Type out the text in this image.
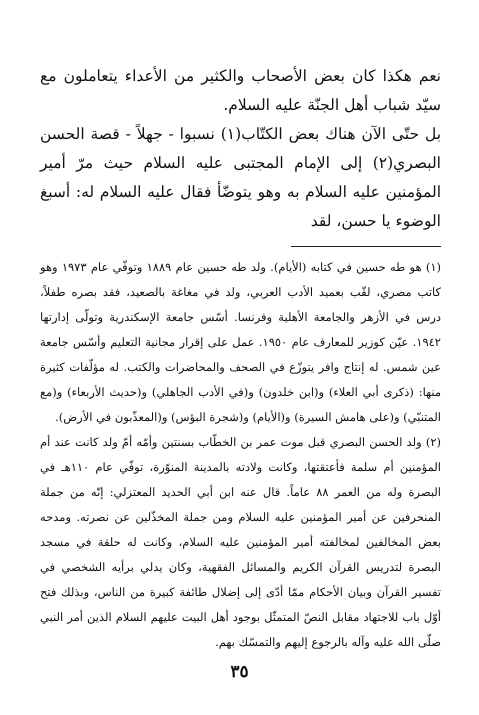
نعم هكذا كان بعض الأصحاب والكثير من الأعداء يتعاملون مع سيّد شباب أهل الجنّة عليه السلام.

بل حتّى الآن هناك بعض الكتّاب(١) نسبوا - جهلاً - قصة الحسن البصري(٢) إلى الإمام المجتبى عليه السلام حيث مرّ أمير المؤمنين عليه السلام به وهو يتوضّأ فقال عليه السلام له: أسبغ الوضوء يا حسن، لقد

(١) هو طه حسين في كتابه (الأيام). ولد طه حسين عام ١٨٨٩ وتوفّي عام ١٩٧٣ وهو كاتب مصري، لقّب بعميد الأدب العربي، ولد في مغاغة بالصعيد، فقد بصره طفلاً، درس في الأزهر والجامعة الأهلية وفرنسا. أسّس جامعة الإسكندرية وتولّى إدارتها ١٩٤٢. عيّن كوزير للمعارف عام ١٩٥٠. عمل على إقرار مجانية التعليم وأسّس جامعة عين شمس. له إنتاج وافر يتوزّع في الصحف والمحاضرات والكتب. له مؤلّفات كثيرة منها: (ذكرى أبي العلاء) و(ابن خلدون) و(في الأدب الجاهلي) و(حديث الأربعاء) و(مع المتنبّي) و(على هامش السيرة) و(الأيام) و(شجرة البؤس) و(المعذّبون في الأرض).

(٢) ولد الحسن البصري قبل موت عمر بن الخطّاب بسنتين وأمّه أمّ ولد كانت عند أم المؤمنين أم سلمة فأعتقتها، وكانت ولادته بالمدينة المنوّرة، توفّي عام ١١٠هـ في البصرة وله من العمر ٨٨ عاماً. قال عنه ابن أبي الحديد المعتزلي: إنّه من جملة المنحرفين عن أمير المؤمنين عليه السلام ومن جملة المخذّلين عن نصرته. ومدحه بعض المخالفين لمخالفته أمير المؤمنين عليه السلام، وكانت له حلقة في مسجد البصرة لتدريس القرآن الكريم والمسائل الفقهية، وكان يدلي برأيه الشخصي في تفسير القرآن وبيان الأحكام ممّا أدّى إلى إضلال طائفة كبيرة من الناس، وبذلك فتح أوّل باب للاجتهاد مقابل النصّ المتمثّل بوجود أهل البيت عليهم السلام الذين أمر النبي صلّى الله عليه وآله بالرجوع إليهم والتمسّك بهم.

٣٥
